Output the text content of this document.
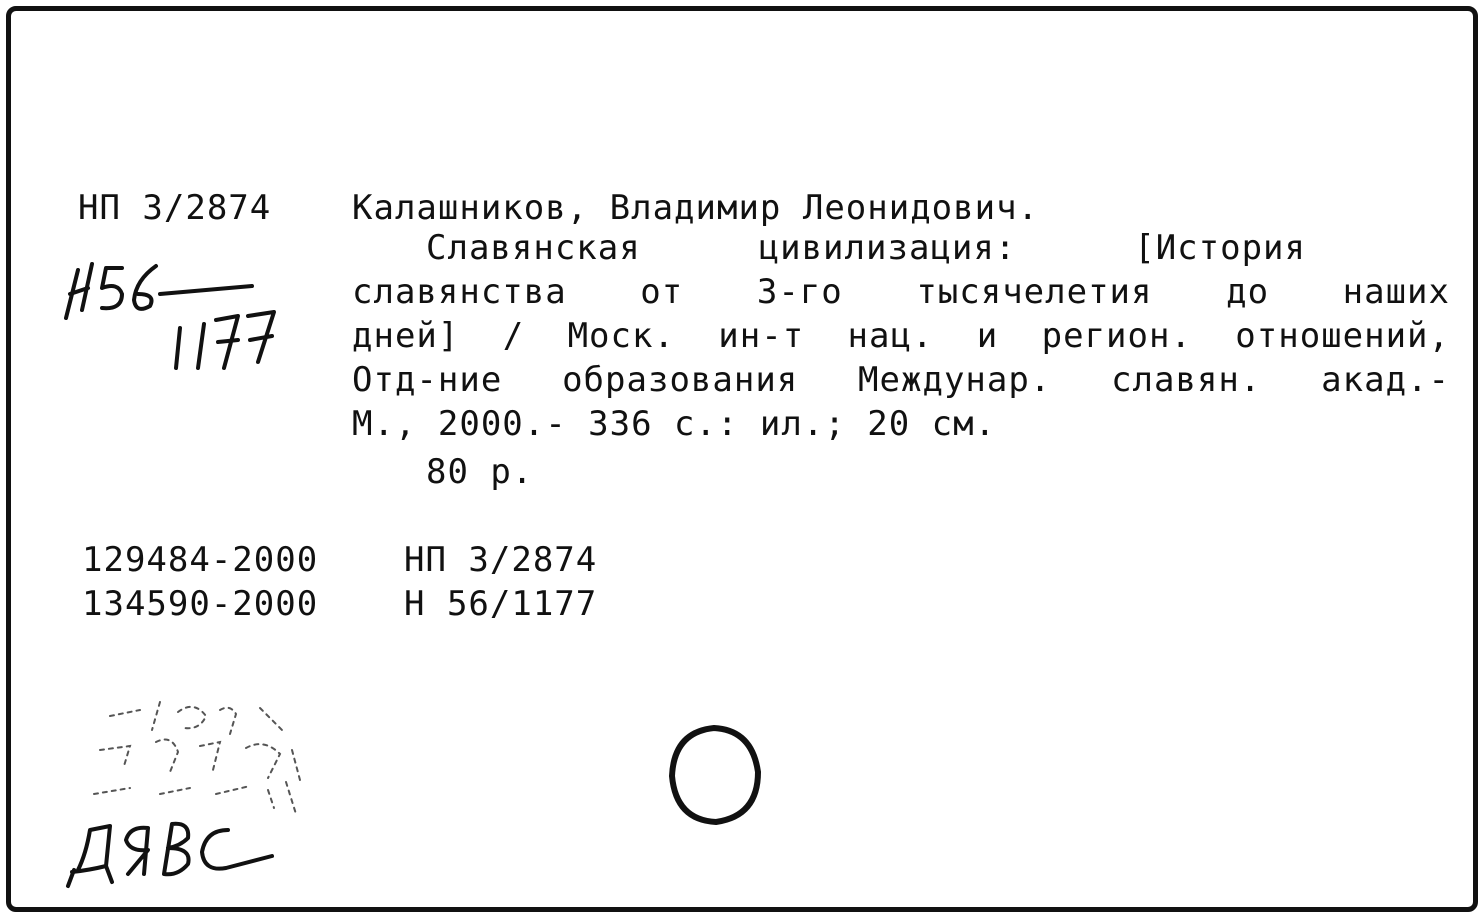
НП 3/2874 Калашников, Владимир Леонидович.
Славянская цивилизация: [История
славянства от 3-го тысячелетия до наших
дней] / Моск. ин-т нац. и регион. отношений,
Отд-ние образования Междунар. славян. акад.-
М., 2000.- 336 с.: ил.; 20 см.
80 р.
129484-2000	НП 3/2874
134590-2000	Н 56/1177
